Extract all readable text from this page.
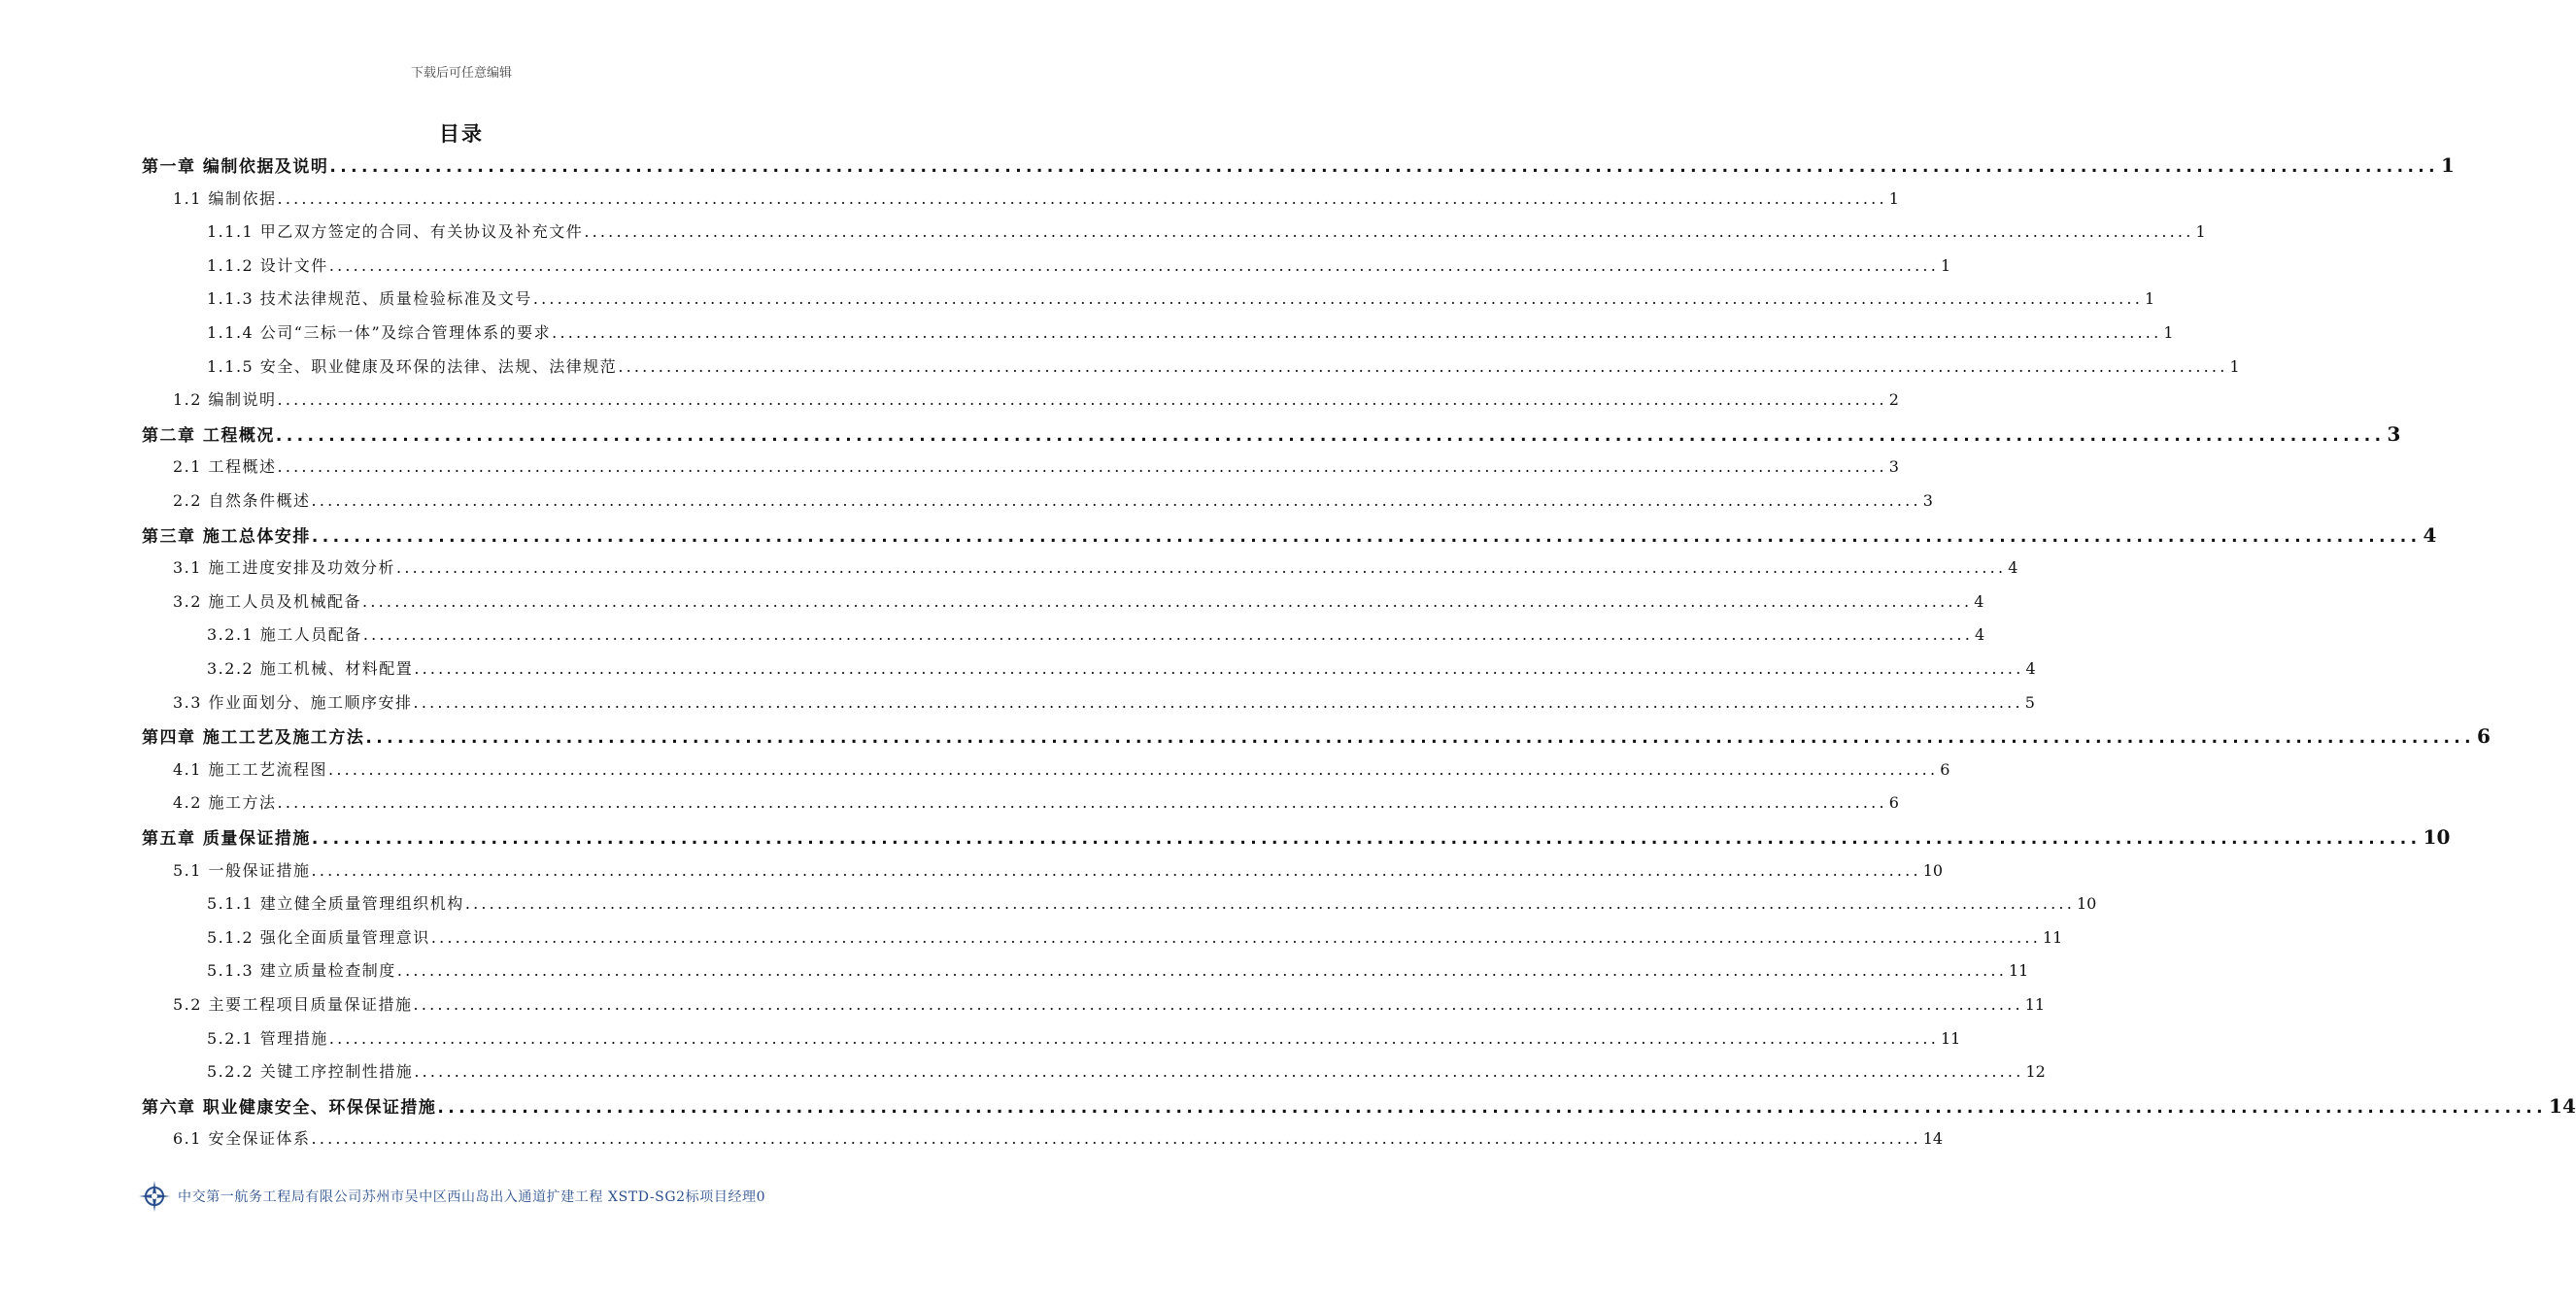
下载后可任意编辑
目录
第一章 编制依据及说明 ........................................................................................................................................................................................................ 1
1.1 编制依据 ........................................................................................................................................................................................................ 1
1.1.1 甲乙双方签定的合同、有关协议及补充文件 ........................................................................................................................................................................................................ 1
1.1.2 设计文件 ........................................................................................................................................................................................................ 1
1.1.3 技术法律规范、质量检验标准及文号 ........................................................................................................................................................................................................ 1
1.1.4 公司“三标一体”及综合管理体系的要求 ........................................................................................................................................................................................................ 1
1.1.5 安全、职业健康及环保的法律、法规、法律规范 ........................................................................................................................................................................................................ 1
1.2 编制说明 ........................................................................................................................................................................................................ 2
第二章 工程概况 ........................................................................................................................................................................................................ 3
2.1 工程概述 ........................................................................................................................................................................................................ 3
2.2 自然条件概述 ........................................................................................................................................................................................................ 3
第三章 施工总体安排 ........................................................................................................................................................................................................ 4
3.1 施工进度安排及功效分析 ........................................................................................................................................................................................................ 4
3.2 施工人员及机械配备 ........................................................................................................................................................................................................ 4
3.2.1 施工人员配备 ........................................................................................................................................................................................................ 4
3.2.2 施工机械、材料配置 ........................................................................................................................................................................................................ 4
3.3 作业面划分、施工顺序安排 ........................................................................................................................................................................................................ 5
第四章 施工工艺及施工方法 ........................................................................................................................................................................................................ 6
4.1 施工工艺流程图 ........................................................................................................................................................................................................ 6
4.2 施工方法 ........................................................................................................................................................................................................ 6
第五章 质量保证措施 ........................................................................................................................................................................................................ 10
5.1 一般保证措施 ........................................................................................................................................................................................................ 10
5.1.1 建立健全质量管理组织机构 ........................................................................................................................................................................................................ 10
5.1.2 强化全面质量管理意识 ........................................................................................................................................................................................................ 11
5.1.3 建立质量检查制度 ........................................................................................................................................................................................................ 11
5.2 主要工程项目质量保证措施 ........................................................................................................................................................................................................ 11
5.2.1 管理措施 ........................................................................................................................................................................................................ 11
5.2.2 关键工序控制性措施 ........................................................................................................................................................................................................ 12
第六章 职业健康安全、环保保证措施 ........................................................................................................................................................................................................ 14
6.1 安全保证体系 ........................................................................................................................................................................................................ 14
中交第一航务工程局有限公司苏州市吴中区西山岛出入通道扩建工程 XSTD-SG2标项目经理0
